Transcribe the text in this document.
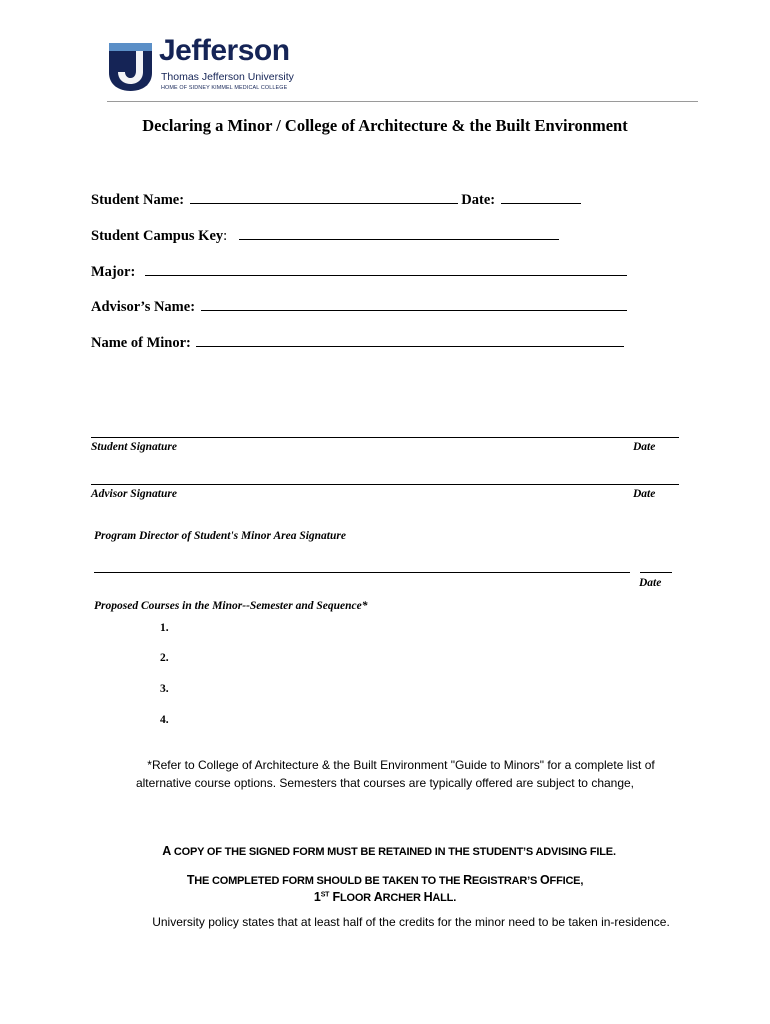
®
Jefferson
Thomas Jefferson University
HOME OF SIDNEY KIMMEL MEDICAL COLLEGE
Declaring a Minor / College of Architecture & the Built Environment
Student Name:	Date:
Student Campus Key:
Major:
Advisor’s Name:
Name of Minor:
Student Signature	Date
Advisor Signature	Date
Program Director of Student's Minor Area Signature
Date
Proposed Courses in the Minor--Semester and Sequence*
1.
2.
3.
4.
*Refer to College of Architecture & the Built Environment "Guide to Minors" for a complete list of
alternative course options. Semesters that courses are typically offered are subject to change,
A COPY OF THE SIGNED FORM MUST BE RETAINED IN THE STUDENT’S ADVISING FILE.
THE COMPLETED FORM SHOULD BE TAKEN TO THE REGISTRAR’S OFFICE,
1ST FLOOR ARCHER HALL.
University policy states that at least half of the credits for the minor need to be taken in-residence.
